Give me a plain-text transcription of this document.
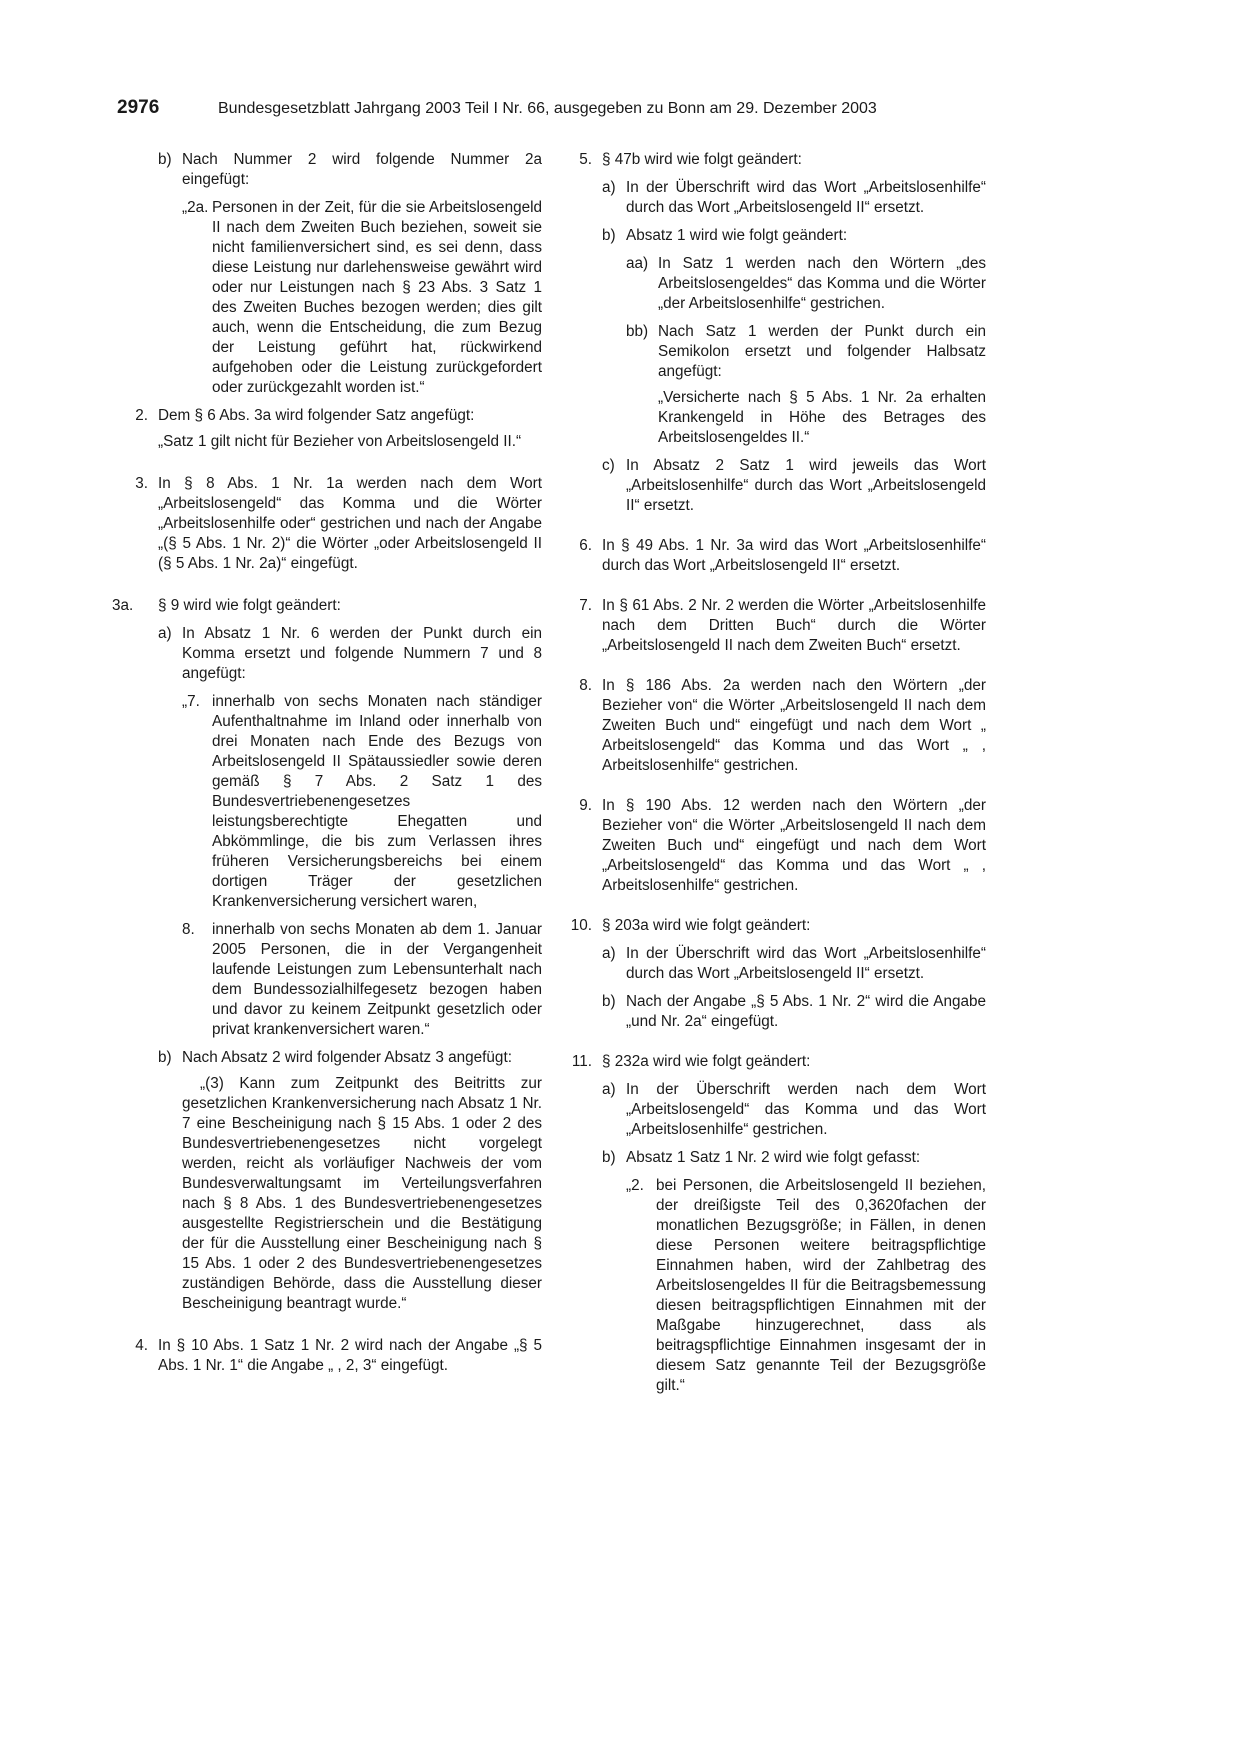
2976	Bundesgesetzblatt Jahrgang 2003 Teil I Nr. 66, ausgegeben zu Bonn am 29. Dezember 2003
b) Nach Nummer 2 wird folgende Nummer 2a eingefügt:
„2a. Personen in der Zeit, für die sie Arbeitslosengeld II nach dem Zweiten Buch beziehen, soweit sie nicht familienversichert sind, es sei denn, dass diese Leistung nur darlehensweise gewährt wird oder nur Leistungen nach § 23 Abs. 3 Satz 1 des Zweiten Buches bezogen werden; dies gilt auch, wenn die Entscheidung, die zum Bezug der Leistung geführt hat, rückwirkend aufgehoben oder die Leistung zurückgefordert oder zurückgezahlt worden ist.“
2. Dem § 6 Abs. 3a wird folgender Satz angefügt:
„Satz 1 gilt nicht für Bezieher von Arbeitslosengeld II.“
3. In § 8 Abs. 1 Nr. 1a werden nach dem Wort „Arbeitslosengeld“ das Komma und die Wörter „Arbeitslosenhilfe oder“ gestrichen und nach der Angabe „(§ 5 Abs. 1 Nr. 2)“ die Wörter „oder Arbeitslosengeld II (§ 5 Abs. 1 Nr. 2a)“ eingefügt.
3a.	§ 9 wird wie folgt geändert:
a) In Absatz 1 Nr. 6 werden der Punkt durch ein Komma ersetzt und folgende Nummern 7 und 8 angefügt:
„7. innerhalb von sechs Monaten nach ständiger Aufenthaltnahme im Inland oder innerhalb von drei Monaten nach Ende des Bezugs von Arbeitslosengeld II Spätaussiedler sowie deren gemäß § 7 Abs. 2 Satz 1 des Bundesvertriebenengesetzes leistungsberechtigte Ehegatten und Abkömmlinge, die bis zum Verlassen ihres früheren Versicherungsbereichs bei einem dortigen Träger der gesetzlichen Krankenversicherung versichert waren,
8.	innerhalb von sechs Monaten ab dem 1. Januar 2005 Personen, die in der Vergangenheit laufende Leistungen zum Lebensunterhalt nach dem Bundessozialhilfegesetz bezogen haben und davor zu keinem Zeitpunkt gesetzlich oder privat krankenversichert waren.“
b) Nach Absatz 2 wird folgender Absatz 3 angefügt:
„(3) Kann zum Zeitpunkt des Beitritts zur gesetzlichen Krankenversicherung nach Absatz 1 Nr. 7 eine Bescheinigung nach § 15 Abs. 1 oder 2 des Bundesvertriebenengesetzes nicht vorgelegt werden, reicht als vorläufiger Nachweis der vom Bundesverwaltungsamt im Verteilungsverfahren nach § 8 Abs. 1 des Bundesvertriebenengesetzes ausgestellte Registrierschein und die Bestätigung der für die Ausstellung einer Bescheinigung nach § 15 Abs. 1 oder 2 des Bundesvertriebenengesetzes zuständigen Behörde, dass die Ausstellung dieser Bescheinigung beantragt wurde.“
4. In § 10 Abs. 1 Satz 1 Nr. 2 wird nach der Angabe „§ 5 Abs. 1 Nr. 1“ die Angabe „ , 2, 3“ eingefügt.
5. § 47b wird wie folgt geändert:
a) In der Überschrift wird das Wort „Arbeitslosenhilfe“ durch das Wort „Arbeitslosengeld II“ ersetzt.
b) Absatz 1 wird wie folgt geändert:
aa) In Satz 1 werden nach den Wörtern „des Arbeitslosengeldes“ das Komma und die Wörter „der Arbeitslosenhilfe“ gestrichen.
bb) Nach Satz 1 werden der Punkt durch ein Semikolon ersetzt und folgender Halbsatz angefügt:
„Versicherte nach § 5 Abs. 1 Nr. 2a erhalten Krankengeld in Höhe des Betrages des Arbeitslosengeldes II.“
c) In Absatz 2 Satz 1 wird jeweils das Wort „Arbeitslosenhilfe“ durch das Wort „Arbeitslosengeld II“ ersetzt.
6. In § 49 Abs. 1 Nr. 3a wird das Wort „Arbeitslosenhilfe“ durch das Wort „Arbeitslosengeld II“ ersetzt.
7. In § 61 Abs. 2 Nr. 2 werden die Wörter „Arbeitslosenhilfe nach dem Dritten Buch“ durch die Wörter „Arbeitslosengeld II nach dem Zweiten Buch“ ersetzt.
8. In § 186 Abs. 2a werden nach den Wörtern „der Bezieher von“ die Wörter „Arbeitslosengeld II nach dem Zweiten Buch und“ eingefügt und nach dem Wort „ Arbeitslosengeld“ das Komma und das Wort „ , Arbeitslosenhilfe“ gestrichen.
9. In § 190 Abs. 12 werden nach den Wörtern „der Bezieher von“ die Wörter „Arbeitslosengeld II nach dem Zweiten Buch und“ eingefügt und nach dem Wort „Arbeitslosengeld“ das Komma und das Wort „ , Arbeitslosenhilfe“ gestrichen.
10. § 203a wird wie folgt geändert:
a) In der Überschrift wird das Wort „Arbeitslosenhilfe“ durch das Wort „Arbeitslosengeld II“ ersetzt.
b) Nach der Angabe „§ 5 Abs. 1 Nr. 2“ wird die Angabe „und Nr. 2a“ eingefügt.
11. § 232a wird wie folgt geändert:
a) In der Überschrift werden nach dem Wort „Arbeitslosengeld“ das Komma und das Wort „Arbeitslosenhilfe“ gestrichen.
b) Absatz 1 Satz 1 Nr. 2 wird wie folgt gefasst:
„2. bei Personen, die Arbeitslosengeld II beziehen, der dreißigste Teil des 0,3620fachen der monatlichen Bezugsgröße; in Fällen, in denen diese Personen weitere beitragspflichtige Einnahmen haben, wird der Zahlbetrag des Arbeitslosengeldes II für die Beitragsbemessung diesen beitragspflichtigen Einnahmen mit der Maßgabe hinzugerechnet, dass als beitragspflichtige Einnahmen insgesamt der in diesem Satz genannte Teil der Bezugsgröße gilt.“
